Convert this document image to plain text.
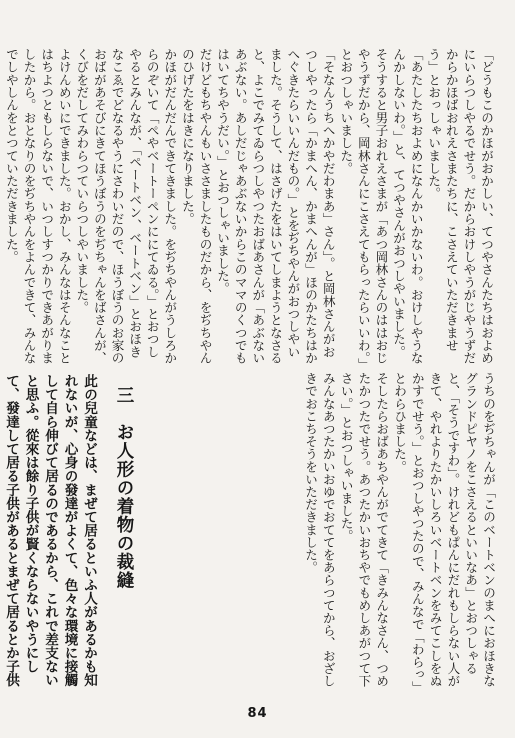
「どうもこのかほがおかしい、てつやさんたちはおよめにいらつしやるでせう。だからおけしやうがじやうずだからかほばおれえさまたちに、こさえていただきませう」とおっしゃいました。

「あたしたちおよめになんかいかないわ。おけしやうなんかしないわ。」と、てつやさんがおつしやいました。そうすると男子おれえさまが「あつ岡林さんのははおじやうずだから、岡林さんにこさえてもらったらいいわ。」とおつしゃいました。

「そなんうちへかやだわまあ」さん」。と岡林さんがおつしやったら「かまへん、かまへんが」ほのかたちはかへぐきたらいいんだもの。」とをぢちやんがおつしやいました。そうして、はさげたをはいてしまようとなさると、よこでみてゐらつしやつたおばあさんが「あぶないあぶない。あしだじゃあぶないからこのママのくつでもはいてちやうだい。」とおつしゃいました。

だけどもちやんもいささましたものだから、をぢちやんのひげたをはきになりました。

かほがだんだんできてきました。をぢちやんがうしろからのぞいて「ぺやベートーペンににてゐる。」とおつしやるとみんなが、「ペートベン、ベートベン」とおほきなこゑでどなるやうにさわいだので、ほうぼうのお家のおばがあそびにきてほうぼうのをぢちゃんをばさんが、くびをだしてみわらつていらつしやいました。

よけんめいにできました。おかし、みんなはそんなことはちよつともしらないで、いつしすつかりできあがりましたから。おとなりのをぢちやんをよんできて、みんなでしやしんをとつていただきました。

うちのをぢちゃんが「このベートベンのまへにおほきなグランドピヤノをこさえるといいなあ」とおつしゃると、「そうですわ」。けれどもぱんにだれもしらない人がきて、やれよりたかいしろいベートベンをみてこしをぬかすでせう。」とおつしやつたので、みんなで「わらっ」とわらひました。

そしたらおばあちやんがでてきて「きみんなさん、つめたかつたでせう。あつたかいおちやでもめしあがつて下さい。」とおつしゃいました。

みんなあつたかいおゆでおててをあらつてから、おざしきでおこちそうをいただきました。

三　お人形の着物の裁縫

此の兒童などは、まぜて居るといふ人があるかも知れないが、心身の發達がよくて、色々な環境に接觸して自ら伸びて居るのであるから、これで差支ないと思ふ。從來は餘り子供が賢くならないやうにして、發達して居る子供があるとまぜて居るとか子供

84
